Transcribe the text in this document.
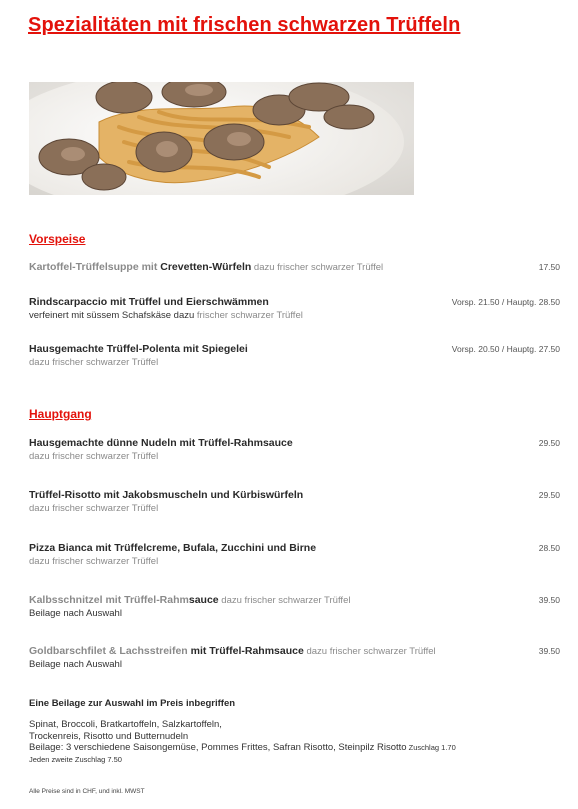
Spezialitäten mit frischen schwarzen Trüffeln
Vorspeise
Kartoffel-Trüffelsuppe mit Crevetten-Würfeln dazu frischer schwarzer Trüffel	17.50
Rindscarpaccio mit Trüffel und Eierschwämmen
verfeinert mit süssem Schafskäse dazu frischer schwarzer Trüffel
Vorsp. 21.50 / Hauptg. 28.50
Hausgemachte Trüffel-Polenta mit Spiegelei
dazu frischer schwarzer Trüffel
Vorsp. 20.50 / Hauptg. 27.50
Hauptgang
Hausgemachte dünne Nudeln mit Trüffel-Rahmsauce
dazu frischer schwarzer Trüffel
29.50
Trüffel-Risotto mit Jakobsmuscheln und Kürbiswürfeln
dazu frischer schwarzer Trüffel
29.50
Pizza Bianca mit Trüffelcreme, Bufala, Zucchini und Birne
dazu frischer schwarzer Trüffel
28.50
Kalbsschnitzel mit Trüffel-Rahmsauce dazu frischer schwarzer Trüffel
Beilage nach Auswahl
39.50
Goldbarschfilet & Lachsstreifen mit Trüffel-Rahmsauce dazu frischer schwarzer Trüffel
Beilage nach Auswahl
39.50
Eine Beilage zur Auswahl im Preis inbegriffen
Spinat, Broccoli, Bratkartoffeln, Salzkartoffeln,
Trockenreis, Risotto und Butternudeln
Beilage: 3 verschiedene Saisongemüse, Pommes Frittes, Safran Risotto, Steinpilz Risotto Zuschlag 1.70
Jeden zweite Zuschlag 7.50
Alle Preise sind in CHF, und inkl. MWST
